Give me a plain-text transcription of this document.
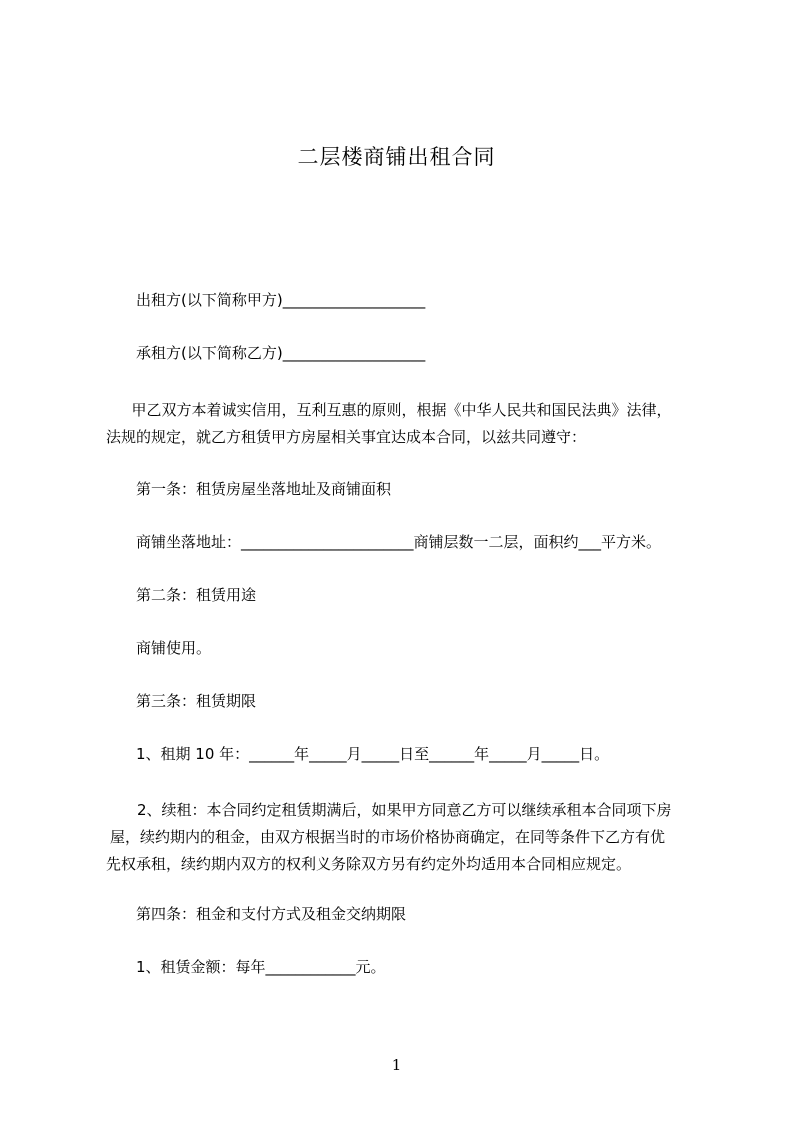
二层楼商铺出租合同
出租方(以下简称甲方)___________________
承租方(以下简称乙方)___________________
甲乙双方本着诚实信用，互利互惠的原则，根据《中华人民共和国民法典》法律，
法规的规定，就乙方租赁甲方房屋相关事宜达成本合同，以兹共同遵守：
第一条：租赁房屋坐落地址及商铺面积
商铺坐落地址：_______________________商铺层数一二层，面积约___平方米。
第二条：租赁用途
商铺使用。
第三条：租赁期限
1、租期 10 年：______年_____月_____日至______年_____月_____日。
2、续租：本合同约定租赁期满后，如果甲方同意乙方可以继续承租本合同项下房
屋，续约期内的租金，由双方根据当时的市场价格协商确定，在同等条件下乙方有优
先权承租，续约期内双方的权利义务除双方另有约定外均适用本合同相应规定。
第四条：租金和支付方式及租金交纳期限
1、租赁金额：每年____________元。
1
